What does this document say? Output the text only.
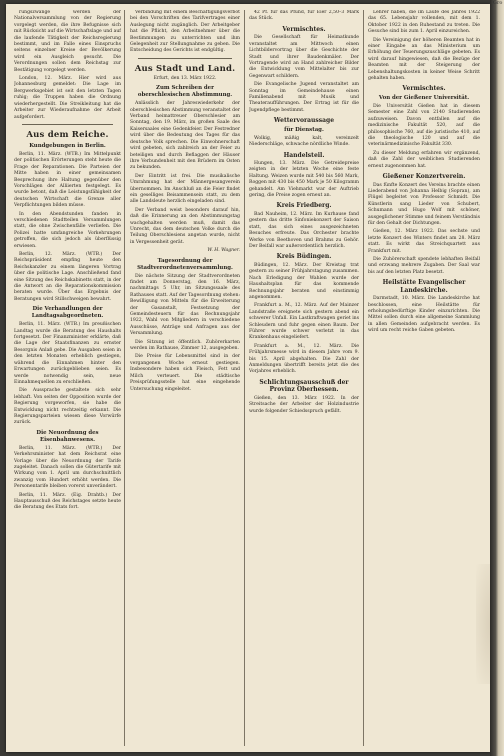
rungszwänge werden der Nationalversammlung von der Regierung vorgelegt werden, die ihre Befugnisse sich mit Rücksicht auf die Wirtschaftslage und auf die laufende Tätigkeit der Reichsregierung bestimmt, und im Falle eines Einspruchs seitens einzelner Kreise der Bevölkerung wird ein Ausgleich gesucht. Die Verordnungen sollen dem Reichstag zur Bestätigung vorgelegt werden.

London, 12. März. Hier wird aus Johannesburg gemeldet: Die Lage im Bergwerksgebiet ist seit den letzten Tagen ruhig; die Truppen haben die Ordnung wiederhergestellt. Die Streikleitung hat die Arbeiter zur Wiederaufnahme der Arbeit aufgefordert.

Aus dem Reiche.
Kundgebungen in Berlin.

Berlin, 11. März. (WTB.) Im Mittelpunkt der politischen Erörterungen steht heute die Frage der Reparationen. Die Parteien der Mitte haben in einer gemeinsamen Besprechung ihre Haltung gegenüber den Vorschlägen der Alliierten festgelegt. Es wurde betont, daß die Leistungsfähigkeit der deutschen Wirtschaft die Grenze aller Verpflichtungen bilden müsse.

In den Abendstunden fanden in verschiedenen Stadtteilen Versammlungen statt, die ohne Zwischenfälle verliefen. Die Polizei hatte umfangreiche Vorkehrungen getroffen, die sich jedoch als überflüssig erwiesen.

Berlin, 12. März. (WTB.) Der Reichspräsident empfing heute den Reichskanzler zu einem längeren Vortrag über die politische Lage. Anschließend fand eine Sitzung des Reichskabinetts statt, in der die Antwort an die Reparationskommission beraten wurde. Über das Ergebnis der Beratungen wird Stillschweigen bewahrt.

Die Verhandlungen der Landtagsabgeordneten.

Berlin, 11. März. (WTB.) Im preußischen Landtag wurde die Beratung des Haushalts fortgesetzt. Der Finanzminister erklärte, daß die Lage der Staatsfinanzen zu ernster Besorgnis Anlaß gebe. Die Ausgaben seien in den letzten Monaten erheblich gestiegen, während die Einnahmen hinter den Erwartungen zurückgeblieben seien. Es werde notwendig sein, neue Einnahmequellen zu erschließen.

Die Aussprache gestaltete sich sehr lebhaft. Von seiten der Opposition wurde der Regierung vorgeworfen, sie habe die Entwicklung nicht rechtzeitig erkannt. Die Regierungsparteien wiesen diese Vorwürfe zurück.

Die Neuordnung des Eisenbahnwesens.

Berlin, 11. März. (WTB.) Der Verkehrsminister hat dem Reichsrat eine Vorlage über die Neuordnung der Tarife zugeleitet. Danach sollen die Gütertarife mit Wirkung vom 1. April um durchschnittlich zwanzig vom Hundert erhöht werden. Die Personentarife bleiben vorerst unverändert.

Berlin, 11. März. (Eig. Drahtb.) Der Hauptausschuß des Reichstages setzte heute die Beratung des Etats fort.

Verbindung mit einem Beschäftigungsverbot bei den Vorschriften des Tarifvertrages einer Auslegung nicht zugänglich. Der Arbeitgeber hat die Pflicht, den Arbeitnehmer über die Bestimmungen zu unterrichten und ihm Gelegenheit zur Stellungnahme zu geben. Die Entscheidung des Gerichts ist endgültig.

Aus Stadt und Land.

Erfurt, den 13. März 1922.

Zum Schreiben der oberschlesischen Abstimmung.

Anlässlich der Jahreswiederkehr der oberschlesischen Abstimmung veranstaltet der Verband heimattreuer Oberschlesier am Sonntag, den 19. März, im großen Saale des Kaisersaales eine Gedenkfeier. Der Festredner wird über die Bedeutung des Tages für das deutsche Volk sprechen. Die Einwohnerschaft wird gebeten, sich zahlreich an der Feier zu beteiligen und durch Beflaggen der Häuser ihre Verbundenheit mit den Brüdern im Osten zu bekunden.

Der Eintritt ist frei. Die musikalische Umrahmung hat der Männergesangverein übernommen. Im Anschluß an die Feier findet ein geselliges Beisammensein statt, zu dem alle Landsleute herzlich eingeladen sind.

Der Verband weist besonders darauf hin, daß die Erinnerung an den Abstimmungstag wachgehalten werden muß, damit das Unrecht, das dem deutschen Volke durch die Teilung Oberschlesiens angetan wurde, nicht in Vergessenheit gerät.

W. H. Wagner.

Tagesordnung der Stadtverordnetenversammlung.

Die nächste Sitzung der Stadtverordneten findet am Donnerstag, den 16. März, nachmittags 5 Uhr, im Sitzungssaale des Rathauses statt. Auf der Tagesordnung stehen: Bewilligung von Mitteln für die Erweiterung der Gasanstalt, Festsetzung der Gemeindesteuern für das Rechnungsjahr 1922, Wahl von Mitgliedern in verschiedene Ausschüsse, Anträge und Anfragen aus der Versammlung.

Die Sitzung ist öffentlich. Zuhörerkarten werden im Rathause, Zimmer 12, ausgegeben.

Die Preise für Lebensmittel sind in der vergangenen Woche erneut gestiegen. Insbesondere haben sich Fleisch, Fett und Milch verteuert. Die städtische Preisprüfungsstelle hat eine eingehende Untersuchung eingeleitet.

42 Pf. für das Pfund, für Eier 2,50–3 Mark das Stück.

Vermischtes.

Die Gesellschaft für Heimatkunde veranstaltet am Mittwoch einen Lichtbildervortrag über die Geschichte der Stadt und ihrer Baudenkmäler. Der Vortragende wird an Hand zahlreicher Bilder die Entwicklung vom Mittelalter bis zur Gegenwart schildern.

Die Evangelische Jugend veranstaltet am Sonntag im Gemeindehause einen Familienabend mit Musik und Theateraufführungen. Der Ertrag ist für die Jugendpflege bestimmt.

Wettervoraussage
für Dienstag.

Wolkig, mäßig kalt, vereinzelt Niederschläge, schwache nördliche Winde.

Handelsteil.

Hungen, 13. März. Die Getreidepreise zeigten in der letzten Woche eine feste Haltung. Weizen wurde mit 540 bis 560 Mark, Roggen mit 430 bis 450 Mark je 50 Kilogramm gehandelt. Am Viehmarkt war der Auftrieb gering, die Preise zogen erneut an.

Kreis Friedberg.

Bad Nauheim, 12. März. Im Kurhause fand gestern das dritte Sinfoniekonzert der Saison statt, das sich eines ausgezeichneten Besuches erfreute. Das Orchester brachte Werke von Beethoven und Brahms zu Gehör. Der Beifall war außerordentlich herzlich.

Kreis Büdingen.

Büdingen, 12. März. Der Kreistag trat gestern zu seiner Frühjahrstagung zusammen. Nach Erledigung der Wahlen wurde der Haushaltsplan für das kommende Rechnungsjahr beraten und einstimmig angenommen.

Frankfurt a. M., 12. März. Auf der Mainzer Landstraße ereignete sich gestern abend ein schwerer Unfall. Ein Lastkraftwagen geriet ins Schleudern und fuhr gegen einen Baum. Der Führer wurde schwer verletzt in das Krankenhaus eingeliefert.

Frankfurt a. M., 12. März. Die Frühjahrsmesse wird in diesem Jahre vom 9. bis 15. April abgehalten. Die Zahl der Anmeldungen übertrifft bereits jetzt die des Vorjahres erheblich.

Schlichtungsausschuß der Provinz Oberhessen.

Gießen, den 13. März 1922. In der Streitsache der Arbeiter der Holzindustrie wurde folgender Schiedsspruch gefällt.

Lehrer haben, die im Laufe des Jahres 1922 das 65. Lebensjahr vollenden, mit dem 1. Oktober 1922 in den Ruhestand zu treten. Die Gesuche sind bis zum 1. April einzureichen.

Die Vereinigung der höheren Beamten hat in einer Eingabe an das Ministerium um Erhöhung der Teuerungszuschläge gebeten. Es wird darauf hingewiesen, daß die Bezüge der Beamten mit der Steigerung der Lebenshaltungskosten in keiner Weise Schritt gehalten haben.

Vermischtes.
Von der Gießener Universität.

Die Universität Gießen hat in diesem Semester eine Zahl von 2140 Studierenden aufzuweisen. Davon entfallen auf die medizinische Fakultät 520, auf die philosophische 760, auf die juristische 410, auf die theologische 120 und auf die veterinärmedizinische Fakultät 330.

Zu dieser Meldung erfahren wir ergänzend, daß die Zahl der weiblichen Studierenden erneut zugenommen hat.

Gießener Konzertverein.

Das fünfte Konzert des Vereins brachte einen Liederabend von Johanna Helbig (Sopran), am Flügel begleitet von Professor Schmidt. Die Künstlerin sang Lieder von Schubert, Schumann und Hugo Wolf mit schöner, ausgeglichener Stimme und feinem Verständnis für den Gehalt der Dichtungen.

Gießen, 12. März 1922. Das sechste und letzte Konzert des Winters findet am 28. März statt. Es wirkt das Streichquartett aus Frankfurt mit.

Die Zuhörerschaft spendete lebhaften Beifall und erzwang mehrere Zugaben. Der Saal war bis auf den letzten Platz besetzt.

Heilstätte Evangelischer Landeskirche.

Darmstadt, 10. März. Die Landeskirche hat beschlossen, eine Heilstätte für erholungsbedürftige Kinder einzurichten. Die Mittel sollen durch eine allgemeine Sammlung in allen Gemeinden aufgebracht werden. Es wird um recht reiche Gaben gebeten.

Gro
